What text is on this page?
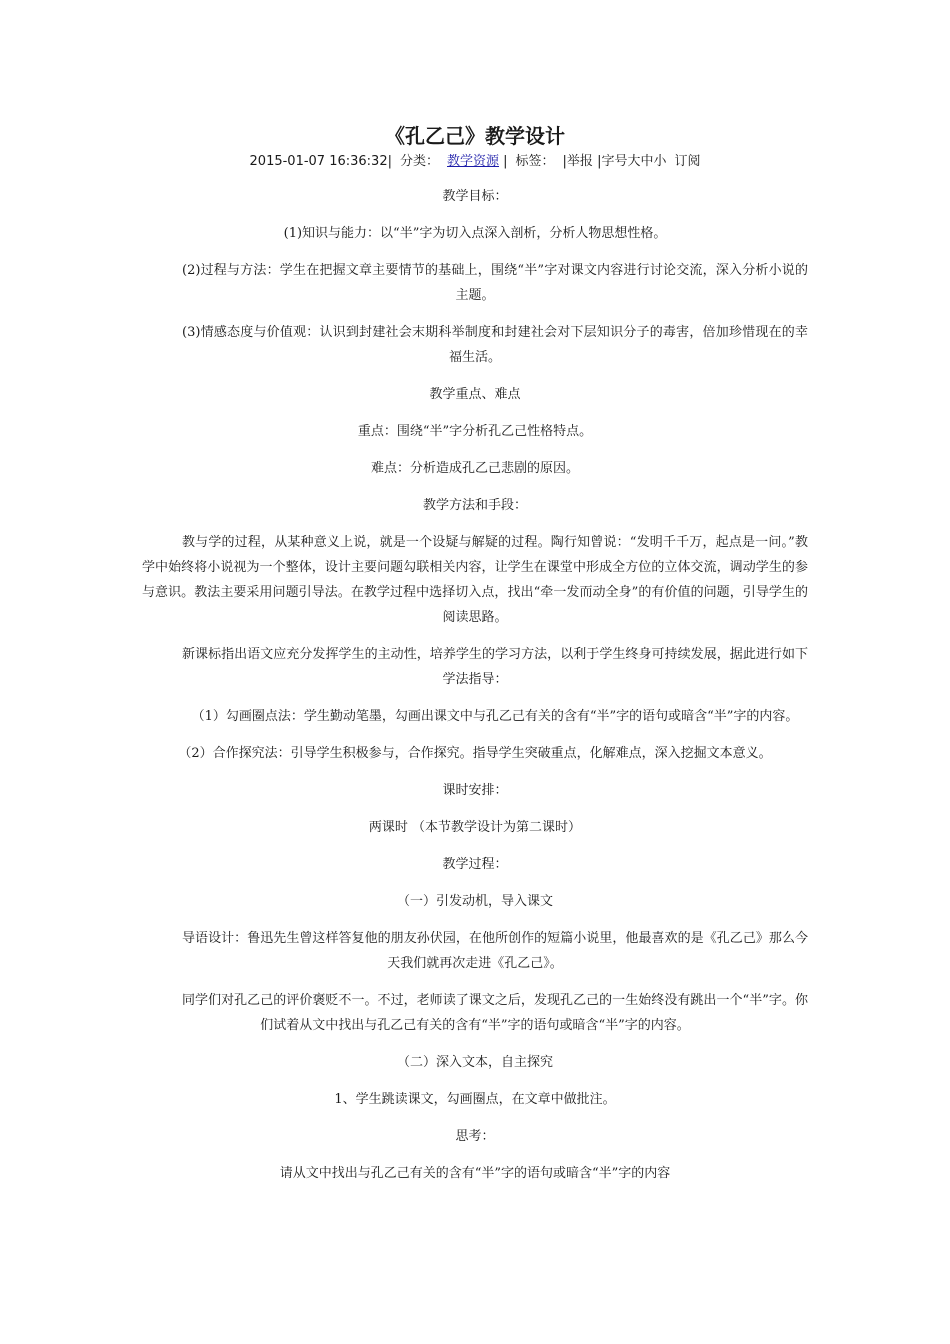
《孔乙己》教学设计
2015-01-07 16:36:32| 分类： 教学资源 | 标签： |举报 |字号大中小 订阅

教学目标：

(1)知识与能力：以“半”字为切入点深入剖析，分析人物思想性格。

(2)过程与方法：学生在把握文章主要情节的基础上，围绕“半”字对课文内容进行讨论交流，深入分析小说的主题。

(3)情感态度与价值观：认识到封建社会末期科举制度和封建社会对下层知识分子的毒害，倍加珍惜现在的幸福生活。

教学重点、难点

重点：围绕“半”字分析孔乙己性格特点。

难点：分析造成孔乙己悲剧的原因。

教学方法和手段：

教与学的过程，从某种意义上说，就是一个设疑与解疑的过程。陶行知曾说：“发明千千万，起点是一问。”教学中始终将小说视为一个整体，设计主要问题勾联相关内容，让学生在课堂中形成全方位的立体交流，调动学生的参与意识。教法主要采用问题引导法。在教学过程中选择切入点，找出“牵一发而动全身”的有价值的问题，引导学生的阅读思路。

新课标指出语文应充分发挥学生的主动性，培养学生的学习方法，以利于学生终身可持续发展，据此进行如下学法指导：

（1）勾画圈点法：学生勤动笔墨，勾画出课文中与孔乙己有关的含有“半”字的语句或暗含“半”字的内容。

（2）合作探究法：引导学生积极参与，合作探究。指导学生突破重点，化解难点，深入挖掘文本意义。

课时安排：

两课时 （本节教学设计为第二课时）

教学过程：

（一）引发动机，导入课文

导语设计：鲁迅先生曾这样答复他的朋友孙伏园，在他所创作的短篇小说里，他最喜欢的是《孔乙己》那么今天我们就再次走进《孔乙己》。

同学们对孔乙己的评价褒贬不一。不过，老师读了课文之后，发现孔乙己的一生始终没有跳出一个“半”字。你们试着从文中找出与孔乙己有关的含有“半”字的语句或暗含“半”字的内容。

（二）深入文本，自主探究

1、学生跳读课文，勾画圈点，在文章中做批注。

思考：

请从文中找出与孔乙己有关的含有“半”字的语句或暗含“半”字的内容
